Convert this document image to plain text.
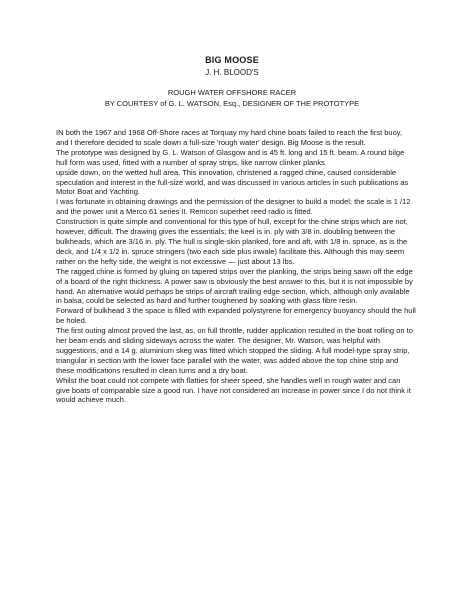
BIG MOOSE
J. H. BLOOD'S
ROUGH WATER OFFSHORE RACER
BY COURTESY of G. L. WATSON, Esq., DESIGNER OF THE PROTOTYPE

IN both the 1967 and 1968 Off-Shore races at Torquay my hard chine boats failed to reach the first buoy, and I therefore decided to scale down a full-size 'rough water' design. Big Moose is the result.

The prototype was designed by G. L. Watson of Glasgow and is 45 ft. long and 15 ft. beam. A round bilge hull form was used, fitted with a number of spray strips, like narrow clinker planks

upside down, on the wetted hull area. This innovation, christened a ragged chine, caused considerable speculation and interest in the full-size world, and was discussed in various articles in such publications as Motor Boat and Yachting.

I was fortunate in obtaining drawings and the permission of the designer to build a model; the scale is 1 /12 and the power unit a Merco 61 series II. Remcon superhet reed radio is fitted.

Construction is quite simple and conventional for this type of hull, except for the chine strips which are not, however, difficult. The drawing gives the essentials; the keel is in. ply with 3/8 in. doubling between the bulkheads, which are 3/16 in. ply. The hull is single-skin planked, fore and aft, with 1/8 in. spruce, as is the deck, and 1/4 x 1/2 in. spruce stringers (two each side plus inwale) facilitate this. Although this may seem rather on the hefty side, the weight is not excessive — just about 13 lbs.

The ragged chine is formed by gluing on tapered strips over the planking, the strips being sawn off the edge of a board of the right thickness. A power saw is obviously the best answer to this, but it is not impossible by hand. An alternative would perhaps be strips of aircraft trailing edge section, which, although only available in balsa, could be selected as hard and further toughened by soaking with glass fibre resin.

Forward of bulkhead 3 the space is filled with expanded polystyrene for emergency buoyancy should the hull be holed.

The first outing almost proved the last, as, on full throttle, rudder application resulted in the boat rolling on to her beam ends and sliding sideways across the water. The designer, Mr. Watson, was helpful with suggestions, and a 14 g. aluminium skeg was fitted which stopped the sliding. A full model-type spray strip, triangular in section with the lower face parallel with the water, was added above the top chine strip and these modifications resulted in clean turns and a dry boat.

Whilst the boat could not compete with flatties for sheer speed, she handles well in rough water and can give boats of comparable size a good run. I have not considered an increase in power since I do not think it would achieve much.
